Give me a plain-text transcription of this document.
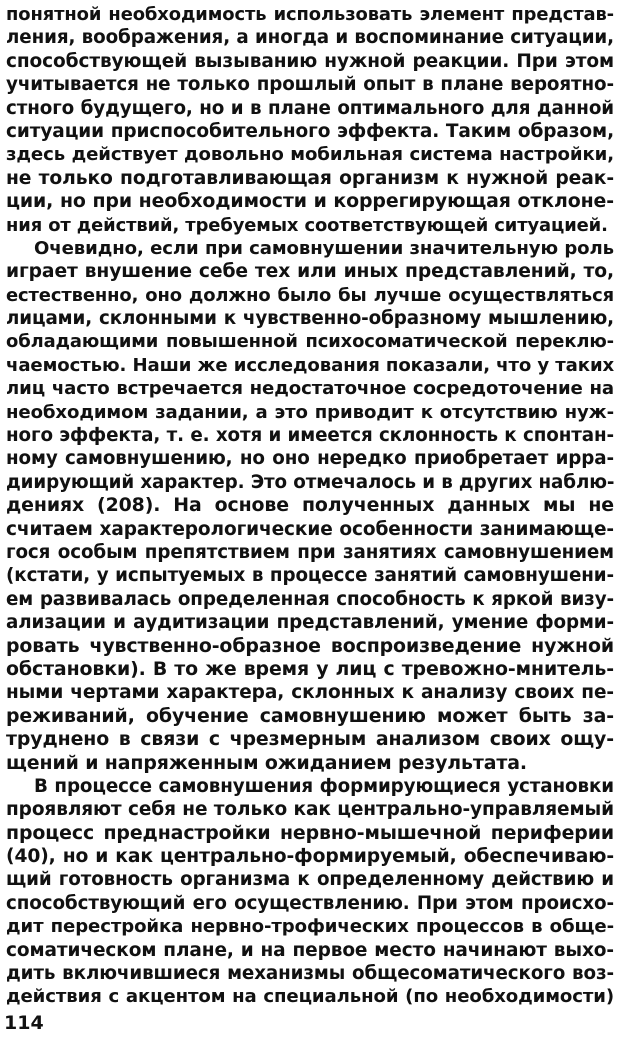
понятной необходимость использовать элемент представ-
ления, воображения, а иногда и воспоминание ситуации,
способствующей вызыванию нужной реакции. При этом
учитывается не только прошлый опыт в плане вероятно-
стного будущего, но и в плане оптимального для данной
ситуации приспособительного эффекта. Таким образом,
здесь действует довольно мобильная система настройки,
не только подготавливающая организм к нужной реак-
ции, но при необходимости и коррегирующая отклоне-
ния от действий, требуемых соответствующей ситуацией.

Очевидно, если при самовнушении значительную роль
играет внушение себе тех или иных представлений, то,
естественно, оно должно было бы лучше осуществляться
лицами, склонными к чувственно-образному мышлению,
обладающими повышенной психосоматической переклю-
чаемостью. Наши же исследования показали, что у таких
лиц часто встречается недостаточное сосредоточение на
необходимом задании, а это приводит к отсутствию нуж-
ного эффекта, т. е. хотя и имеется склонность к спонтан-
ному самовнушению, но оно нередко приобретает ирра-
диирующий характер. Это отмечалось и в других наблю-
дениях (208). На основе полученных данных мы не
считаем характерологические особенности занимающе-
гося особым препятствием при занятиях самовнушением
(кстати, у испытуемых в процессе занятий самовнушени-
ем развивалась определенная способность к яркой визу-
ализации и аудитизации представлений, умение форми-
ровать чувственно-образное воспроизведение нужной
обстановки). В то же время у лиц с тревожно-мнитель-
ными чертами характера, склонных к анализу своих пе-
реживаний, обучение самовнушению может быть за-
труднено в связи с чрезмерным анализом своих ощу-
щений и напряженным ожиданием результата.

В процессе самовнушения формирующиеся установки
проявляют себя не только как центрально-управляемый
процесс преднастройки нервно-мышечной периферии
(40), но и как центрально-формируемый, обеспечиваю-
щий готовность организма к определенному действию и
способствующий его осуществлению. При этом происхо-
дит перестройка нервно-трофических процессов в обще-
соматическом плане, и на первое место начинают выхо-
дить включившиеся механизмы общесоматического воз-
действия с акцентом на специальной (по необходимости)

114
